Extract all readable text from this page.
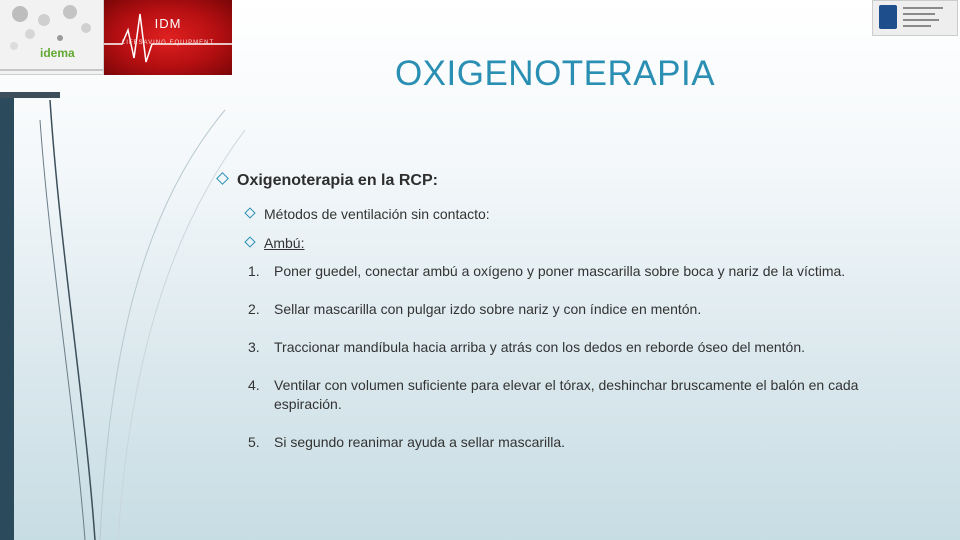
idema
IDM
LIFESAVING EQUIPMENT
OXIGENOTERAPIA
Oxigenoterapia en la RCP:
Métodos de ventilación sin contacto:
Ambú:
1. Poner guedel, conectar ambú a oxígeno y poner mascarilla sobre boca y nariz de la víctima.
2. Sellar mascarilla con pulgar izdo sobre nariz y con índice en mentón.
3. Traccionar mandíbula hacia arriba y atrás con los dedos en reborde óseo del mentón.
4. Ventilar con volumen suficiente para elevar el tórax, deshinchar bruscamente el balón en cada espiración.
5. Si segundo reanimar ayuda a sellar mascarilla.
